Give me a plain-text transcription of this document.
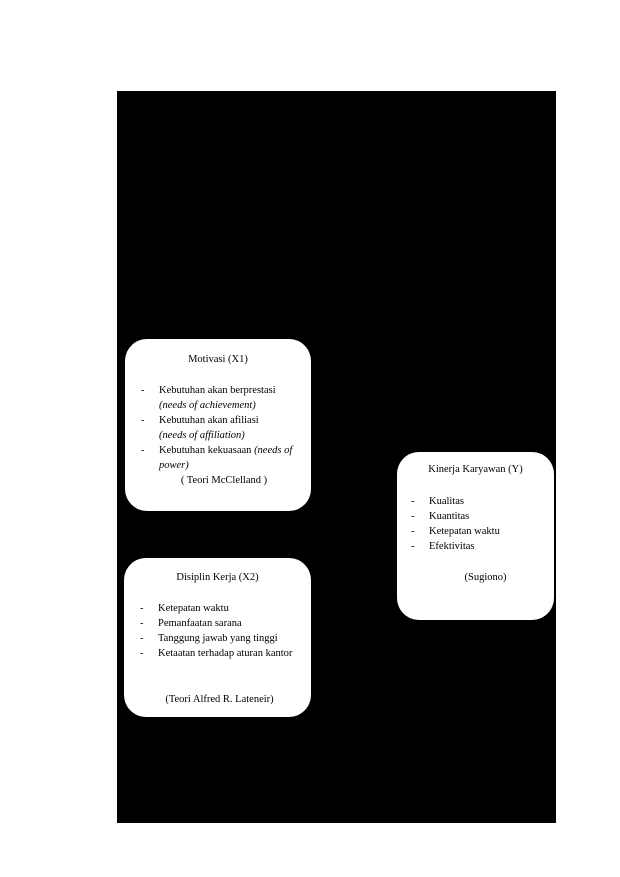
Motivasi (X1)
- Kebutuhan akan berprestasi
(needs of achievement)
- Kebutuhan akan afiliasi
(needs of affiliation)
- Kebutuhan kekuasaan (needs of power)
( Teori McClelland )
Disiplin Kerja (X2)
- Ketepatan waktu
- Pemanfaatan sarana
- Tanggung jawab yang tinggi
- Ketaatan terhadap aturan kantor
(Teori Alfred R. Lateneir)
Kinerja Karyawan (Y)
- Kualitas
- Kuantitas
- Ketepatan waktu
- Efektivitas
(Sugiono)
